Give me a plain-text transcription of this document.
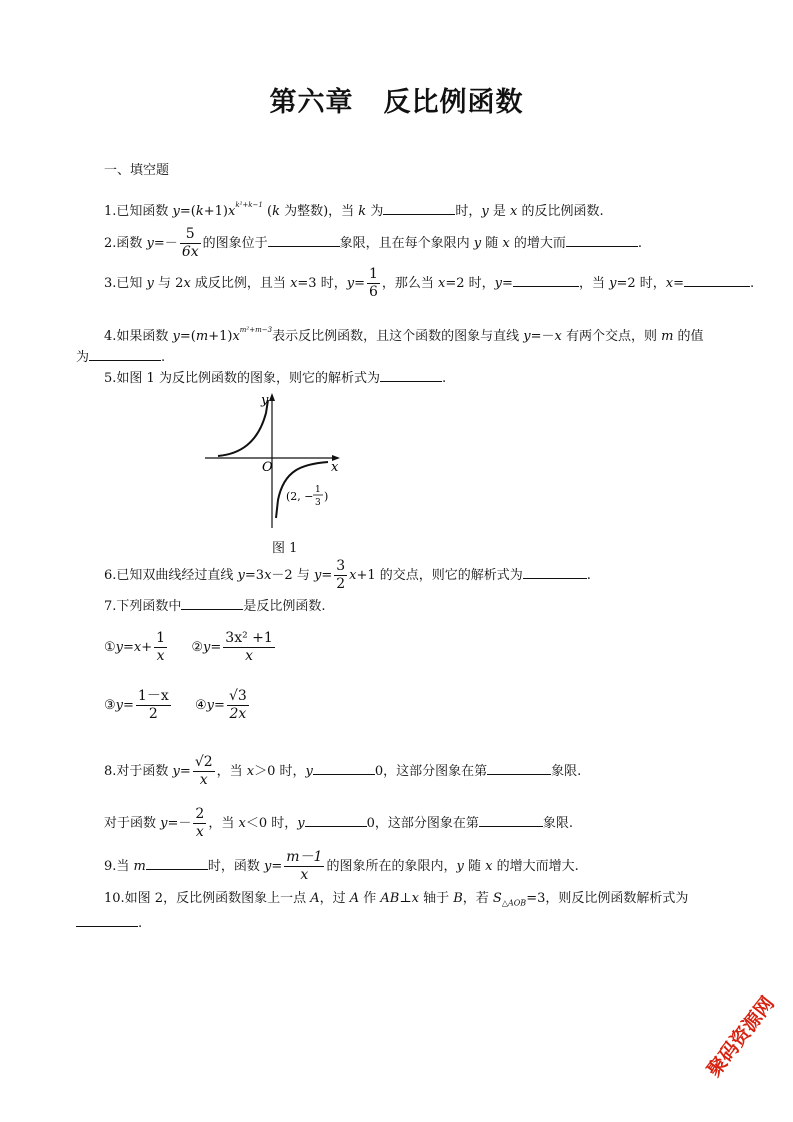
第六章 反比例函数
一、填空题
1.已知函数 $y=(k+1)x^{k^2+k-1}$ (k 为整数)，当 k 为	时，y 是 x 的反比例函数.
2.函数 $y=- \frac{5}{6x}$ 的图象位于	象限，且在每个象限内 y 随 x 的增大而	.
3.已知 y 与 2x 成反比例，且当 x=3 时，$y= \frac{1}{6}$ ，那么当 x=2 时，y=	，当 y=2 时，x=	.
4.如果函数 $y=(m+1)x^{m^2+m-3}$表示反比例函数，且这个函数的图象与直线 y=－x 有两个交点，则 m 的值
为	.
5.如图 1 为反比例函数的图象，则它的解析式为	.
O	x
y
(2, − 1
3 )
图 1
6.已知双曲线经过直线 y=3x－2 与 $y= \frac{3}{2} x+1$ 的交点，则它的解析式为	.
7.下列函数中	是反比例函数.
①y=x+ $\frac{1}{x}$ ②y= $\frac{\text{3x² +1}}{x}$
③y= $\frac{1-x}{2}$ ④y= $\frac{√3}{2x}$
8.对于函数 $y= \frac{√2}{x}$ ，当 x＞0 时，y	0，这部分图象在第	象限.
对于函数 $y=- \frac{2}{x}$ ，当 x＜0 时，y	0，这部分图象在第	象限.
9.当 m	时，函数 $y= \frac{m-1}{x}$ 的图象所在的象限内，y 随 x 的增大而增大.
10.如图 2，反比例函数图象上一点 A，过 A 作 AB⊥x 轴于 B，若 $S_{\triangle AOB}=3$，则反比例函数解析式为
.
聚码资源网
